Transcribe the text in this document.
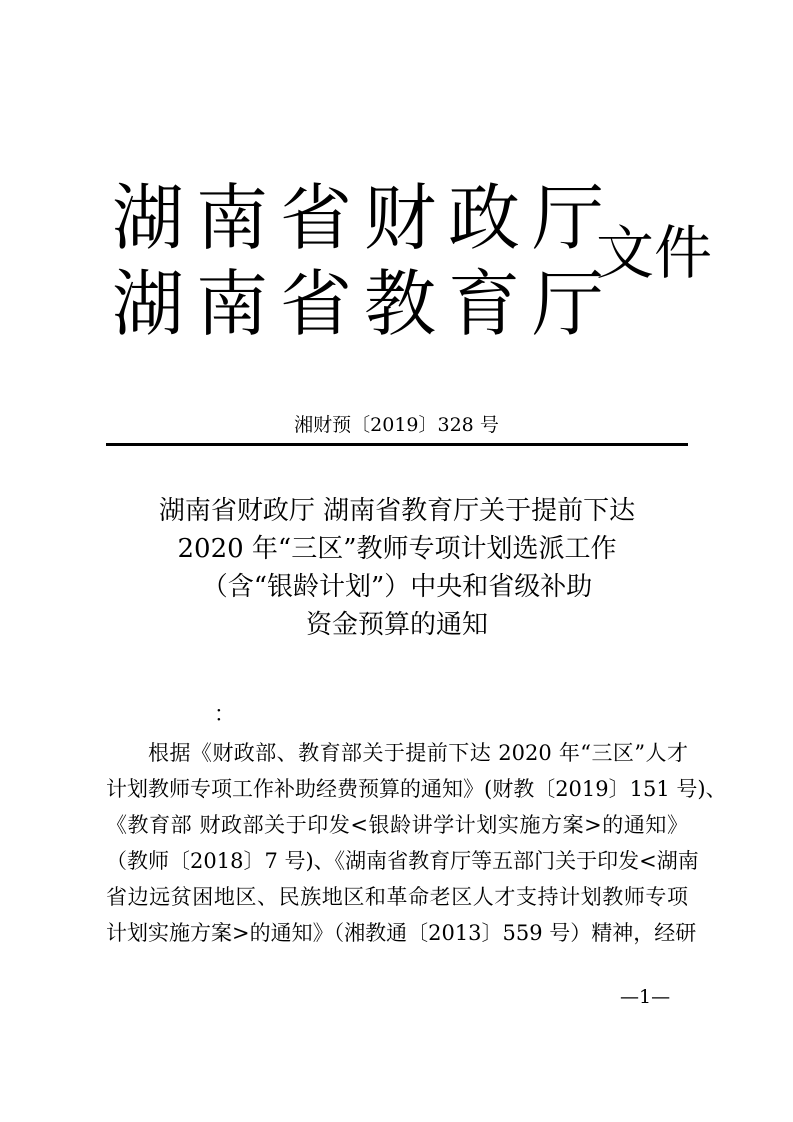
湖南省财政厅
湖南省教育厅
文件
湘财预〔2019〕328 号
湖南省财政厅 湖南省教育厅关于提前下达
2020 年“三区”教师专项计划选派工作
（含“银龄计划”）中央和省级补助
资金预算的通知
：
根据《财政部、教育部关于提前下达 2020 年“三区”人才
计划教师专项工作补助经费预算的通知》(财教〔2019〕151 号)、
《教育部 财政部关于印发<银龄讲学计划实施方案>的通知》
（教师〔2018〕7 号)、《湖南省教育厅等五部门关于印发<湖南
省边远贫困地区、民族地区和革命老区人才支持计划教师专项
计划实施方案>的通知》（湘教通〔2013〕559 号）精神，经研
—1—
